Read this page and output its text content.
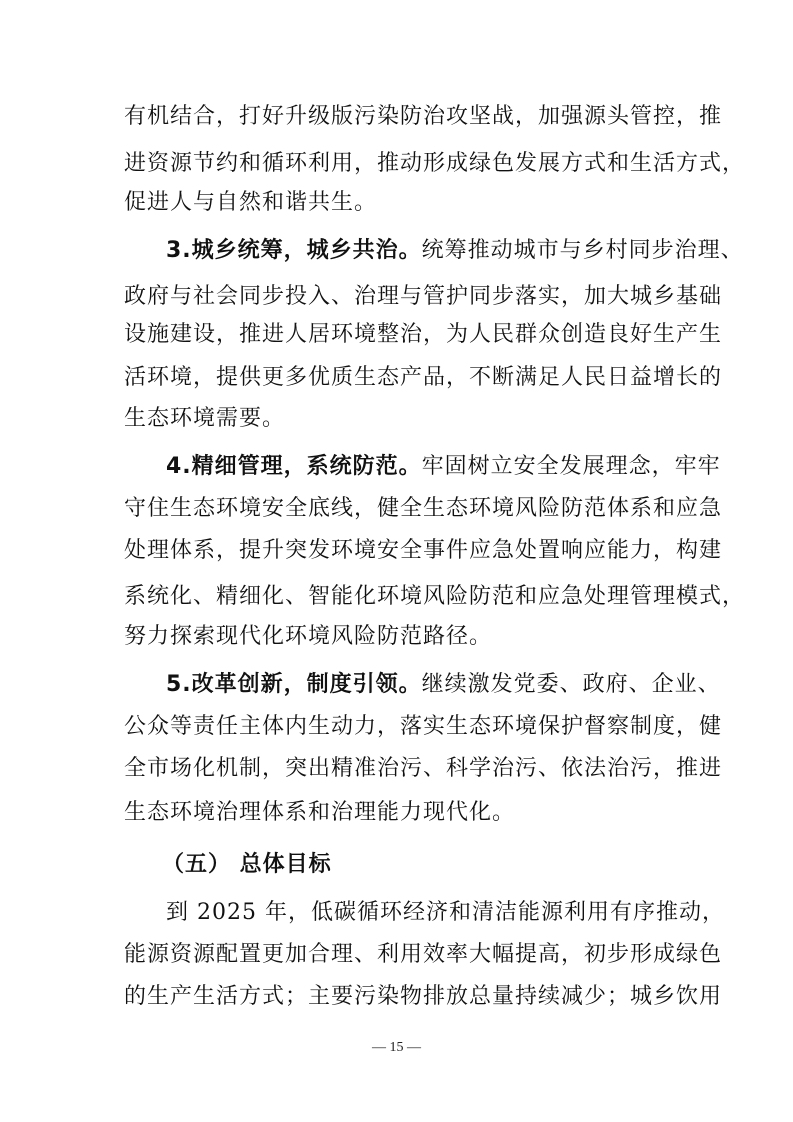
有机结合，打好升级版污染防治攻坚战，加强源头管控，推
进资源节约和循环利用，推动形成绿色发展方式和生活方式，
促进人与自然和谐共生。
3.城乡统筹，城乡共治。统筹推动城市与乡村同步治理、
政府与社会同步投入、治理与管护同步落实，加大城乡基础
设施建设，推进人居环境整治，为人民群众创造良好生产生
活环境，提供更多优质生态产品，不断满足人民日益增长的
生态环境需要。
4.精细管理，系统防范。牢固树立安全发展理念，牢牢
守住生态环境安全底线，健全生态环境风险防范体系和应急
处理体系，提升突发环境安全事件应急处置响应能力，构建
系统化、精细化、智能化环境风险防范和应急处理管理模式，
努力探索现代化环境风险防范路径。
5.改革创新，制度引领。继续激发党委、政府、企业、
公众等责任主体内生动力，落实生态环境保护督察制度，健
全市场化机制，突出精准治污、科学治污、依法治污，推进
生态环境治理体系和治理能力现代化。
（五） 总体目标
到 2025 年，低碳循环经济和清洁能源利用有序推动，
能源资源配置更加合理、利用效率大幅提高，初步形成绿色
的生产生活方式；主要污染物排放总量持续减少；城乡饮用
— 15 —
